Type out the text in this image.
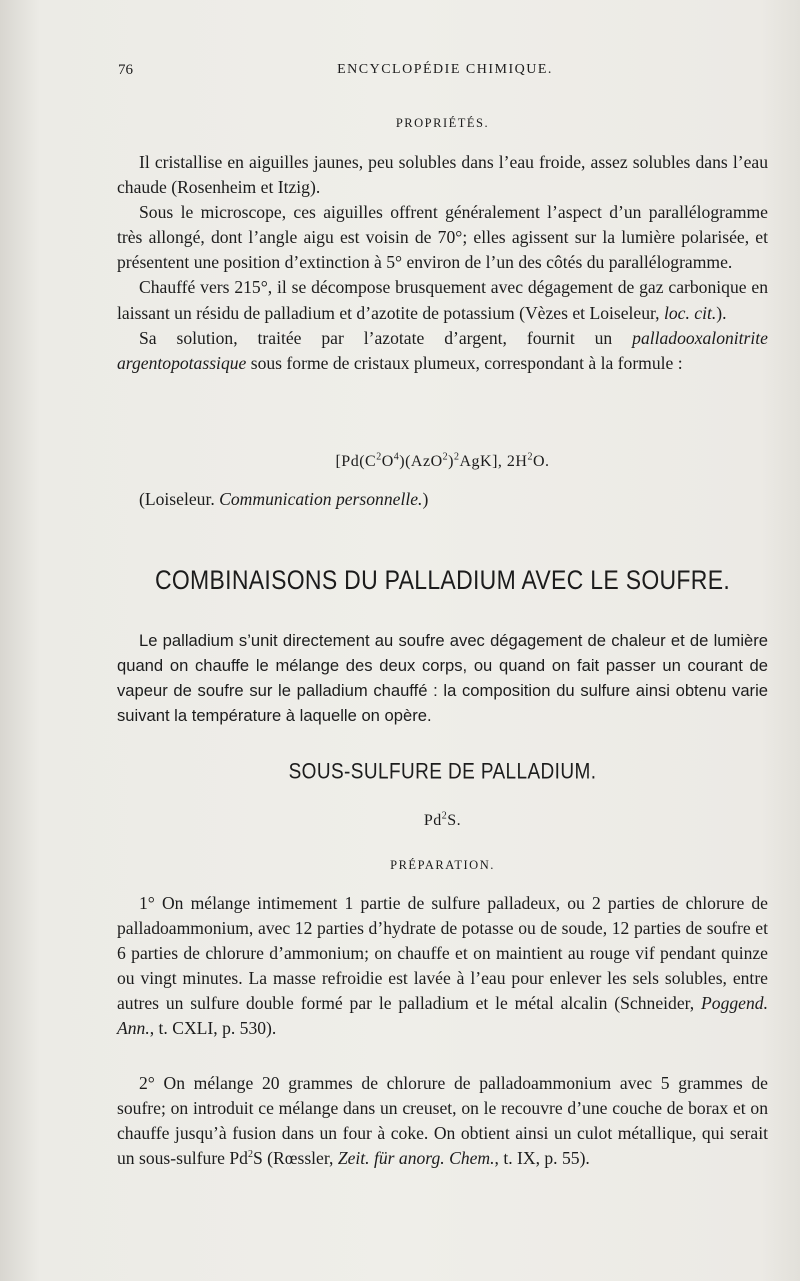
76	ENCYCLOPÉDIE CHIMIQUE.
PROPRIÉTÉS.

Il cristallise en aiguilles jaunes, peu solubles dans l’eau froide, assez solubles dans l’eau chaude (Rosenheim et Itzig).

Sous le microscope, ces aiguilles offrent généralement l’aspect d’un parallélogramme très allongé, dont l’angle aigu est voisin de 70°; elles agissent sur la lumière polarisée, et présentent une position d’extinction à 5° environ de l’un des côtés du parallélogramme.

Chauffé vers 215°, il se décompose brusquement avec dégagement de gaz carbonique en laissant un résidu de palladium et d’azotite de potassium (Vèzes et Loiseleur, loc. cit.).

Sa solution, traitée par l’azotate d’argent, fournit un palladooxalonitrite argentopotassique sous forme de cristaux plumeux, correspondant à la formule :

$[Pd(C^2O^4)(AzO^2)^2AgK]$, $2H^2O$.

(Loiseleur. Communication personnelle.)

COMBINAISONS DU PALLADIUM AVEC LE SOUFRE.

Le palladium s’unit directement au soufre avec dégagement de chaleur et de lumière quand on chauffe le mélange des deux corps, ou quand on fait passer un courant de vapeur de soufre sur le palladium chauffé : la composition du sulfure ainsi obtenu varie suivant la température à laquelle on opère.

SOUS-SULFURE DE PALLADIUM.
Pd$^2$S.
PRÉPARATION.

1° On mélange intimement 1 partie de sulfure palladeux, ou 2 parties de chlorure de palladoammonium, avec 12 parties d’hydrate de potasse ou de soude, 12 parties de soufre et 6 parties de chlorure d’ammonium; on chauffe et on maintient au rouge vif pendant quinze ou vingt minutes. La masse refroidie est lavée à l’eau pour enlever les sels solubles, entre autres un sulfure double formé par le palladium et le métal alcalin (Schneider, Poggend. Ann., t. CXLI, p. 530).

2° On mélange 20 grammes de chlorure de palladoammonium avec 5 grammes de soufre; on introduit ce mélange dans un creuset, on le recouvre d’une couche de borax et on chauffe jusqu’à fusion dans un four à coke. On obtient ainsi un culot métallique, qui serait un sous-sulfure Pd$^2$S (Rœssler, Zeit. für anorg. Chem., t. IX, p. 55).
